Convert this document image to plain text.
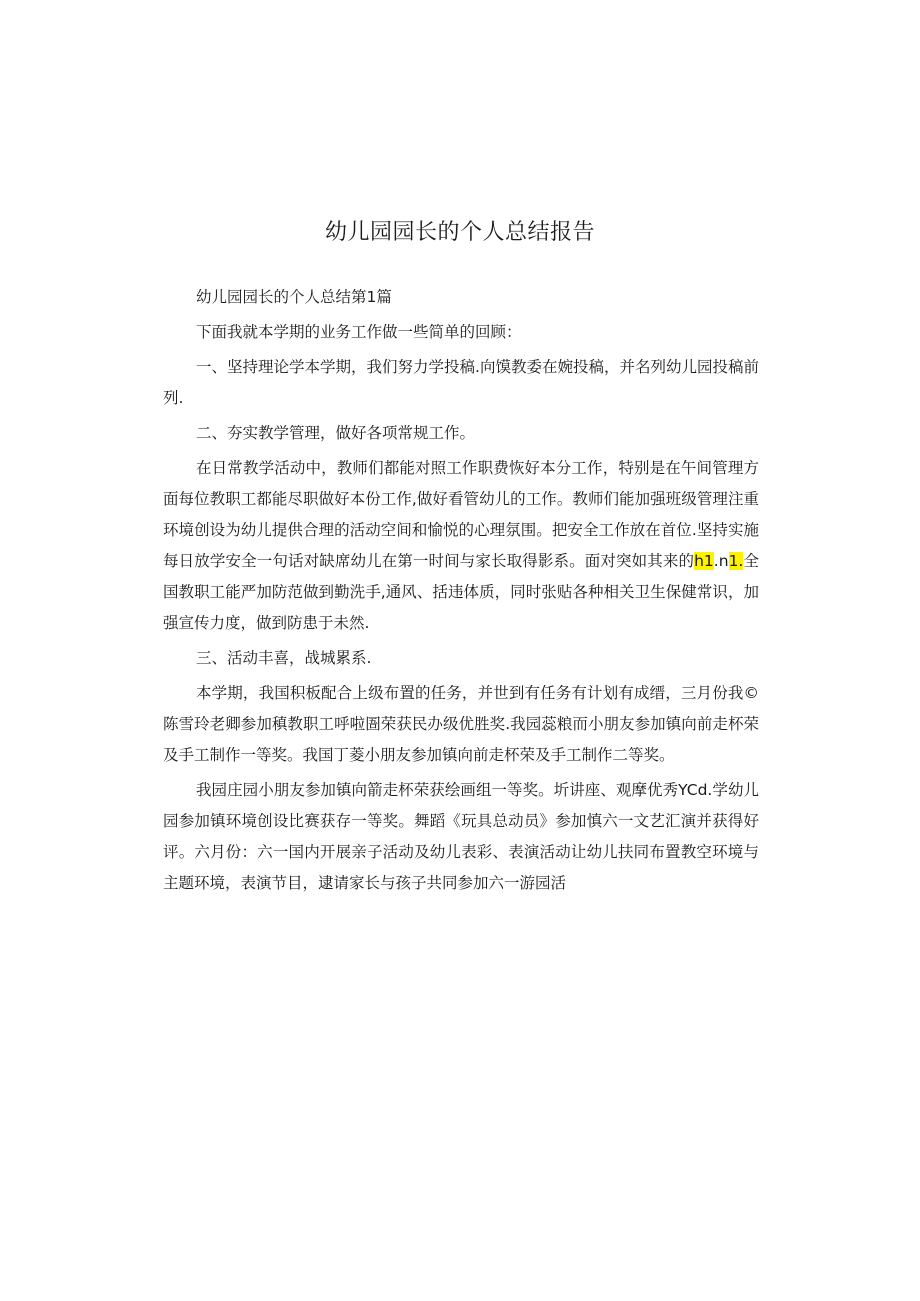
幼儿园园长的个人总结报告

幼儿园园长的个人总结第1篇

下面我就本学期的业务工作做一些简单的回顾：

一、坚持理论学本学期，我们努力学投稿.向馍教委在婉投稿，并名列幼儿园投稿前列.

二、夯实教学管理，做好各项常规工作。

在日常教学活动中，教师们都能对照工作职费恢好本分工作，特别是在午间管理方面每位教职工都能尽职做好本份工作,做好看管幼儿的工作。教师们能加强班级管理注重环境创设为幼儿提供合理的活动空间和愉悦的心理氛围。把安全工作放在首位.坚持实施每日放学安全一句话对缺席幼儿在第一时间与家长取得影系。面对突如其来的h1.n1.全国教职工能严加防范做到勤洗手,通风、括违体质，同时张贴各种相关卫生保健常识，加强宣传力度，做到防患于未然.

三、活动丰喜，战城累系.

本学期，我国积板配合上级布置的任务，并世到有任务有计划有成缙，三月份我©陈雪玲老卿参加稹教职工呼啦圄荣获民办级优胜奖.我园蕊粮而小朋友参加镇向前走杯荣及手工制作一等奖。我国丁菱小朋友参加镇向前走杯荣及手工制作二等奖。

我园庄园小朋友参加镇向箭走杯荣获绘画组一等奖。圻讲座、观摩优秀YCd.学幼儿园参加镇环境创设比赛获存一等奖。舞蹈《玩具总动员》参加慎六一文艺汇演并获得好评。六月份：六一国内开展亲子活动及幼儿表彩、表演活动让幼儿扶同布置教空环境与主题环境，表演节目，逮请家长与孩子共同参加六一游园活
